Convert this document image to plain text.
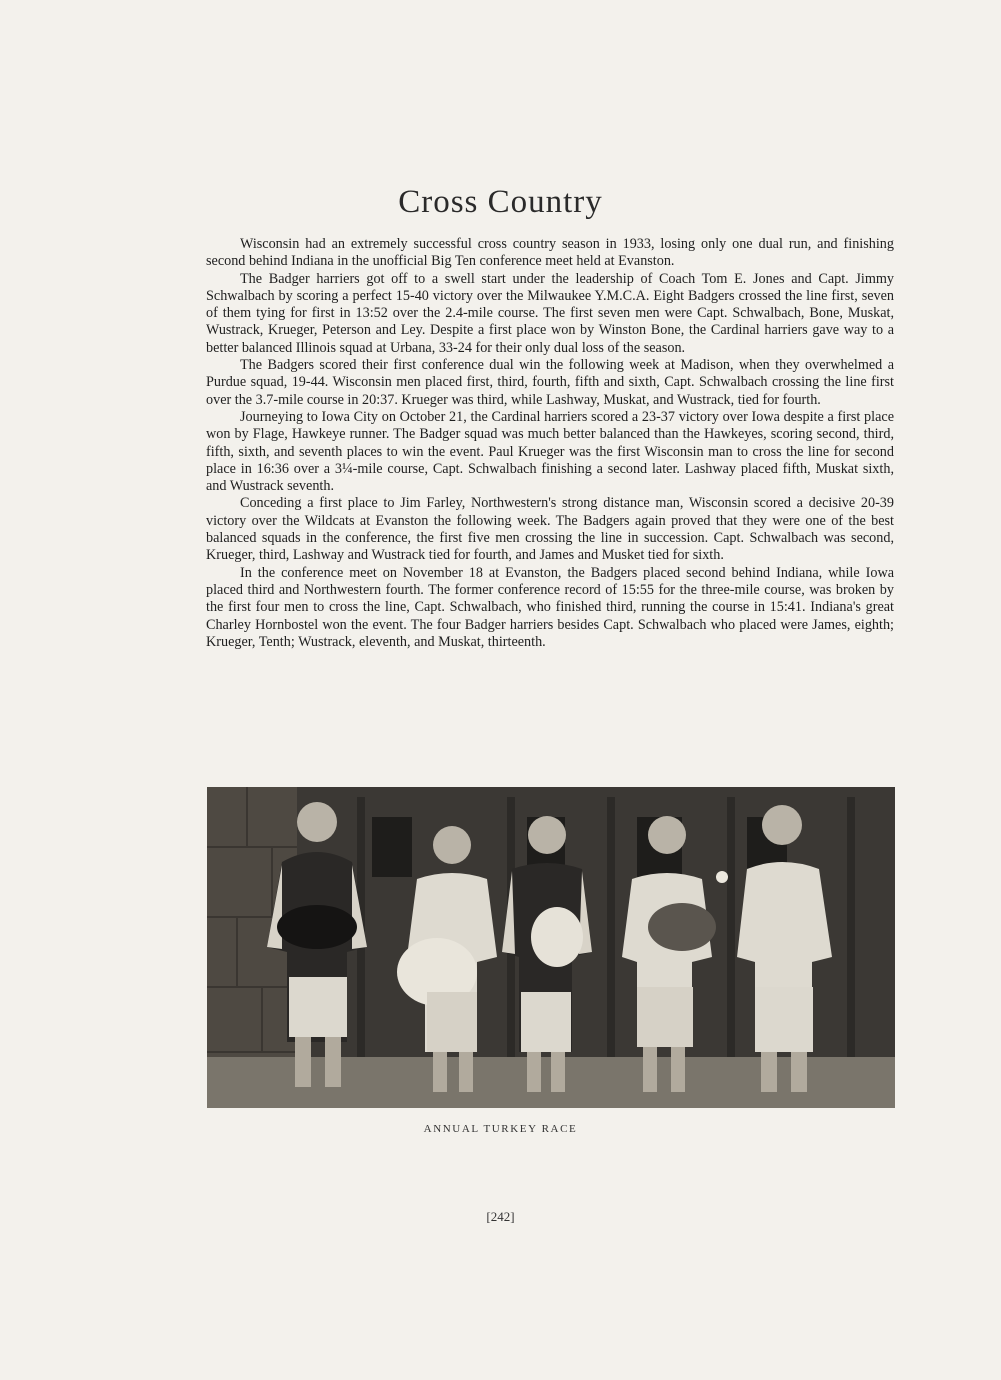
Cross Country

Wisconsin had an extremely successful cross country season in 1933, losing only one dual run, and finishing second behind Indiana in the unofficial Big Ten conference meet held at Evanston.

The Badger harriers got off to a swell start under the leadership of Coach Tom E. Jones and Capt. Jimmy Schwalbach by scoring a perfect 15-40 victory over the Milwaukee Y.M.C.A. Eight Badgers crossed the line first, seven of them tying for first in 13:52 over the 2.4-mile course. The first seven men were Capt. Schwalbach, Bone, Muskat, Wustrack, Krueger, Peterson and Ley. Despite a first place won by Winston Bone, the Cardinal harriers gave way to a better balanced Illinois squad at Urbana, 33-24 for their only dual loss of the season.

The Badgers scored their first conference dual win the following week at Madison, when they overwhelmed a Purdue squad, 19-44. Wisconsin men placed first, third, fourth, fifth and sixth, Capt. Schwalbach crossing the line first over the 3.7-mile course in 20:37. Krueger was third, while Lashway, Muskat, and Wustrack, tied for fourth.

Journeying to Iowa City on October 21, the Cardinal harriers scored a 23-37 victory over Iowa despite a first place won by Flage, Hawkeye runner. The Badger squad was much better balanced than the Hawkeyes, scoring second, third, fifth, sixth, and seventh places to win the event. Paul Krueger was the first Wisconsin man to cross the line for second place in 16:36 over a 3¼-mile course, Capt. Schwalbach finishing a second later. Lashway placed fifth, Muskat sixth, and Wustrack seventh.

Conceding a first place to Jim Farley, Northwestern's strong distance man, Wisconsin scored a decisive 20-39 victory over the Wildcats at Evanston the following week. The Badgers again proved that they were one of the best balanced squads in the conference, the first five men crossing the line in succession. Capt. Schwalbach was second, Krueger, third, Lashway and Wustrack tied for fourth, and James and Musket tied for sixth.

In the conference meet on November 18 at Evanston, the Badgers placed second behind Indiana, while Iowa placed third and Northwestern fourth. The former conference record of 15:55 for the three-mile course, was broken by the first four men to cross the line, Capt. Schwalbach, who finished third, running the course in 15:41. Indiana's great Charley Hornbostel won the event. The four Badger harriers besides Capt. Schwalbach who placed were James, eighth; Krueger, Tenth; Wustrack, eleventh, and Muskat, thirteenth.

ANNUAL TURKEY RACE
[242]
